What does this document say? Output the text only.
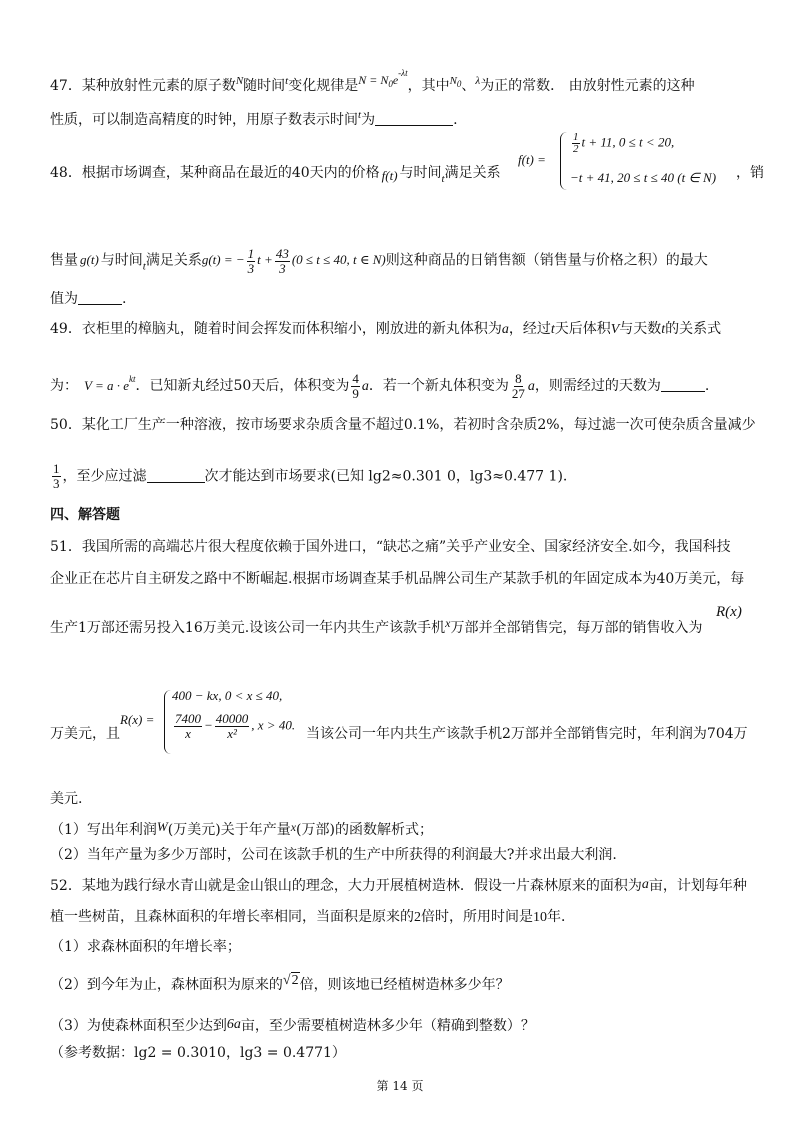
47．某种放射性元素的原子数$^N$随时间$^t$变化规律是$N = N_0e^{-\lambda t}$，其中$^{N_0}$、$^\lambda$为正的常数． 由放射性元素的这种
性质，可以制造高精度的时钟，用原子数表示时间$^t$为	.
48．根据市场调查，某种商品在最近的40天内的价格 f(t) 与时间$_t$满足关系
f(t) =
$\frac{1}{2}$ t + 11, 0 ≤ t < 20,
−t + 41, 20 ≤ t ≤ 40 (t ∈ N) ，销
售量 g(t) 与时间$_t$满足关系g(t) = − $\frac{1}{3}$ $t + \frac{43}{3} (0 \le t \le 40$, t ∈ N)则这种商品的日销售额（销售量与价格之积）的最大
值为	.
49．衣柜里的樟脑丸，随着时间会挥发而体积缩小，刚放进的新丸体积为a，经过t天后体积V与天数t的关系式
为： $V = a \cdot e^{kt}$．已知新丸经过50天后，体积变为 $\frac{4}{9}$ a．若一个新丸体积变为 $\frac{8}{27}$ a，则需经过的天数为	.
50．某化工厂生产一种溶液，按市场要求杂质含量不超过0.1%，若初时含杂质2%，每过滤一次可使杂质含量减少
$\frac{1}{3}$ ，至少应过滤	次才能达到市场要求(已知 lg2≈0.301 0，lg3≈0.477 1).
四、解答题
51．我国所需的高端芯片很大程度依赖于国外进口，“缺芯之痛”关乎产业安全、国家经济安全.如今，我国科技
企业正在芯片自主研发之路中不断崛起.根据市场调查某手机品牌公司生产某款手机的年固定成本为40万美元，每
生产1万部还需另投入16万美元.设该公司一年内共生产该款手机x万部并全部销售完，每万部的销售收入为
R(x)
万美元，且
R(x) =
400 − kx, 0 < x ≤ 40,
$\frac{7400}{x} - \frac{40000}{\text{x²}}$ , x > 40.
当该公司一年内共生产该款手机2万部并全部销售完时，年利润为704万
美元.
（1）写出年利润W(万美元)关于年产量x(万部)的函数解析式；
（2）当年产量为多少万部时，公司在该款手机的生产中所获得的利润最大?并求出最大利润.
52．某地为践行绿水青山就是金山银山的理念，大力开展植树造林．假设一片森林原来的面积为a亩，计划每年种
植一些树苗，且森林面积的年增长率相同，当面积是原来的2倍时，所用时间是10年．
（1）求森林面积的年增长率；
（2）到今年为止，森林面积为原来的√2倍，则该地已经植树造林多少年？
（3）为使森林面积至少达到6a亩，至少需要植树造林多少年（精确到整数）？
（参考数据：lg2 = 0.3010，lg3 = 0.4771）
第 14 页
